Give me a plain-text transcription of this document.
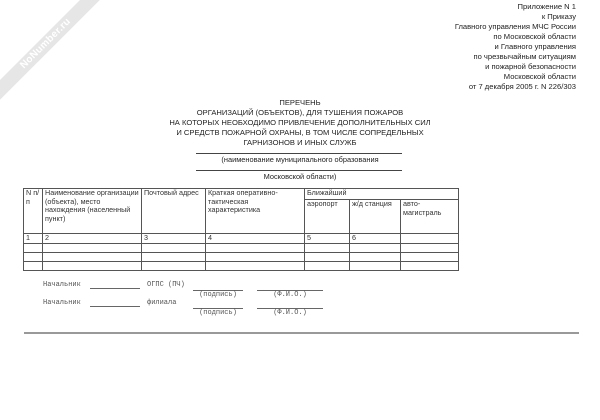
NoNumber.ru
Приложение N 1
к Приказу
Главного управления МЧС России
по Московской области
и Главного управления
по чрезвычайным ситуациям
и пожарной безопасности
Московской области
от 7 декабря 2005 г. N 226/303
ПЕРЕЧЕНЬ
ОРГАНИЗАЦИЙ (ОБЪЕКТОВ), ДЛЯ ТУШЕНИЯ ПОЖАРОВ
НА КОТОРЫХ НЕОБХОДИМО ПРИВЛЕЧЕНИЕ ДОПОЛНИТЕЛЬНЫХ СИЛ
И СРЕДСТВ ПОЖАРНОЙ ОХРАНЫ, В ТОМ ЧИСЛЕ СОПРЕДЕЛЬНЫХ
ГАРНИЗОНОВ И ИНЫХ СЛУЖБ
(наименование муниципального образования
Московской области)
N п/п	Наименование организации (объекта), место нахождения (населенный пункт)	Почтовый адрес	Краткая оперативно-тактическая характеристика	Ближайший		
				аэропорт	ж/д станция	авто-магистраль
1	2	3	4	5	6	

Начальник	ОГПС (ПЧ)
(подпись)	(Ф.И.О.)
Начальник	филиала
(подпись)	(Ф.И.О.)
